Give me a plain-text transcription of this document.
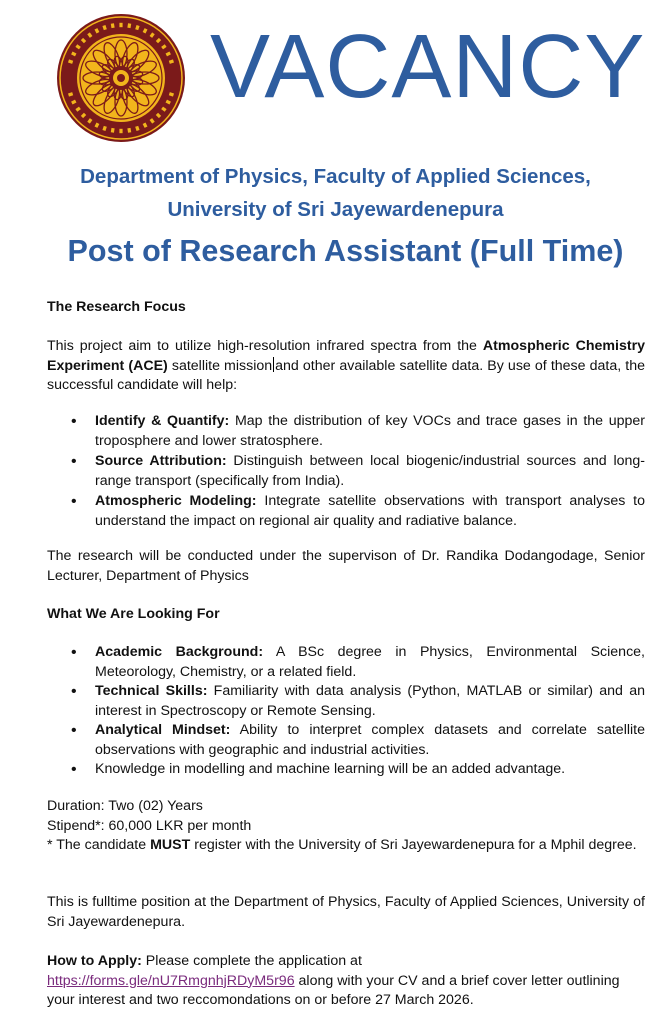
VACANCY
Department of Physics, Faculty of Applied Sciences,
University of Sri Jayewardenepura
Post of Research Assistant (Full Time)
The Research Focus
This project aim to utilize high-resolution infrared spectra from the Atmospheric Chemistry Experiment (ACE) satellite mission and other available satellite data. By use of these data, the successful candidate will help:
• Identify & Quantify: Map the distribution of key VOCs and trace gases in the upper troposphere and lower stratosphere.
• Source Attribution: Distinguish between local biogenic/industrial sources and long-range transport (specifically from India).
• Atmospheric Modeling: Integrate satellite observations with transport analyses to understand the impact on regional air quality and radiative balance.
The research will be conducted under the supervison of Dr. Randika Dodangodage, Senior Lecturer, Department of Physics
What We Are Looking For
• Academic Background: A BSc degree in Physics, Environmental Science, Meteorology, Chemistry, or a related field.
• Technical Skills: Familiarity with data analysis (Python, MATLAB or similar) and an interest in Spectroscopy or Remote Sensing.
• Analytical Mindset: Ability to interpret complex datasets and correlate satellite observations with geographic and industrial activities.
• Knowledge in modelling and machine learning will be an added advantage.
Duration: Two (02) Years
Stipend*: 60,000 LKR per month
* The candidate MUST register with the University of Sri Jayewardenepura for a Mphil degree.
This is fulltime position at the Department of Physics, Faculty of Applied Sciences, University of Sri Jayewardenepura.
How to Apply: Please complete the application at
https://forms.gle/nU7RmgnhjRDyM5r96 along with your CV and a brief cover letter outlining your interest and two reccomondations on or before 27 March 2026.
